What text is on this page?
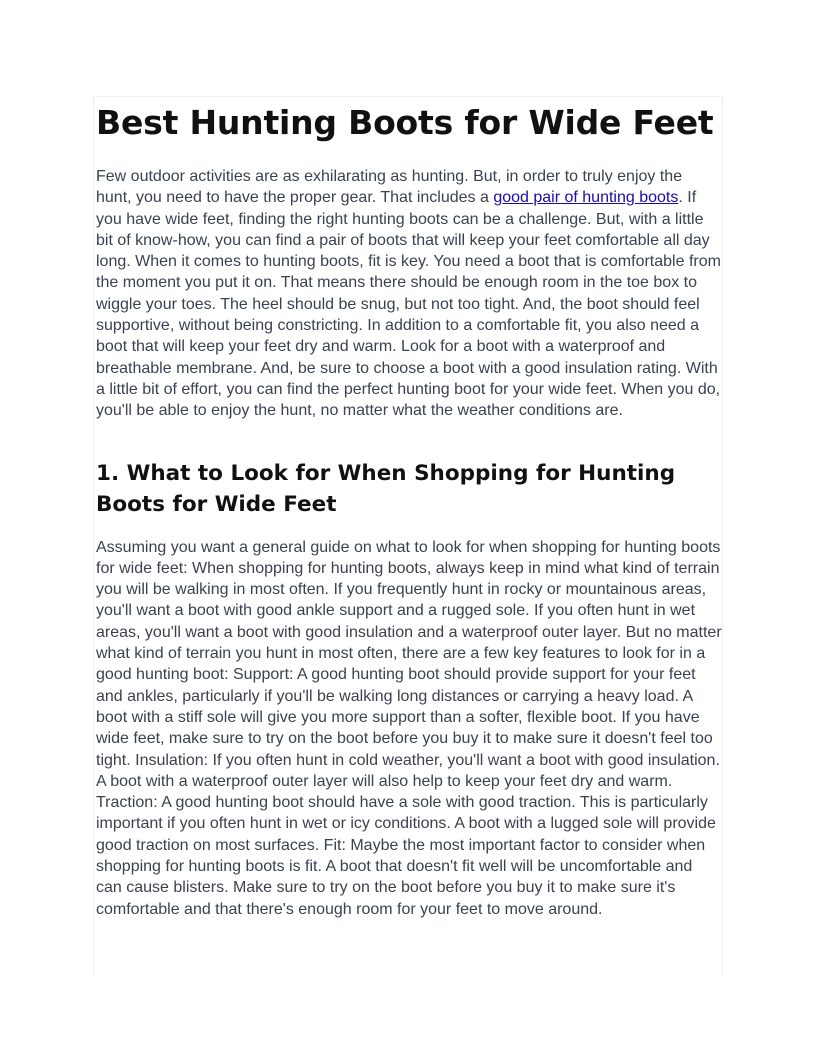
Best Hunting Boots for Wide Feet

Few outdoor activities are as exhilarating as hunting. But, in order to truly enjoy the hunt, you need to have the proper gear. That includes a good pair of hunting boots. If you have wide feet, finding the right hunting boots can be a challenge. But, with a little bit of know-how, you can find a pair of boots that will keep your feet comfortable all day long. When it comes to hunting boots, fit is key. You need a boot that is comfortable from the moment you put it on. That means there should be enough room in the toe box to wiggle your toes. The heel should be snug, but not too tight. And, the boot should feel supportive, without being constricting. In addition to a comfortable fit, you also need a boot that will keep your feet dry and warm. Look for a boot with a waterproof and breathable membrane. And, be sure to choose a boot with a good insulation rating. With a little bit of effort, you can find the perfect hunting boot for your wide feet. When you do, you'll be able to enjoy the hunt, no matter what the weather conditions are.

1. What to Look for When Shopping for Hunting Boots for Wide Feet

Assuming you want a general guide on what to look for when shopping for hunting boots for wide feet: When shopping for hunting boots, always keep in mind what kind of terrain you will be walking in most often. If you frequently hunt in rocky or mountainous areas, you'll want a boot with good ankle support and a rugged sole. If you often hunt in wet areas, you'll want a boot with good insulation and a waterproof outer layer. But no matter what kind of terrain you hunt in most often, there are a few key features to look for in a good hunting boot: Support: A good hunting boot should provide support for your feet and ankles, particularly if you'll be walking long distances or carrying a heavy load. A boot with a stiff sole will give you more support than a softer, flexible boot. If you have wide feet, make sure to try on the boot before you buy it to make sure it doesn't feel too tight. Insulation: If you often hunt in cold weather, you'll want a boot with good insulation. A boot with a waterproof outer layer will also help to keep your feet dry and warm. Traction: A good hunting boot should have a sole with good traction. This is particularly important if you often hunt in wet or icy conditions. A boot with a lugged sole will provide good traction on most surfaces. Fit: Maybe the most important factor to consider when shopping for hunting boots is fit. A boot that doesn't fit well will be uncomfortable and can cause blisters. Make sure to try on the boot before you buy it to make sure it's comfortable and that there's enough room for your feet to move around.
